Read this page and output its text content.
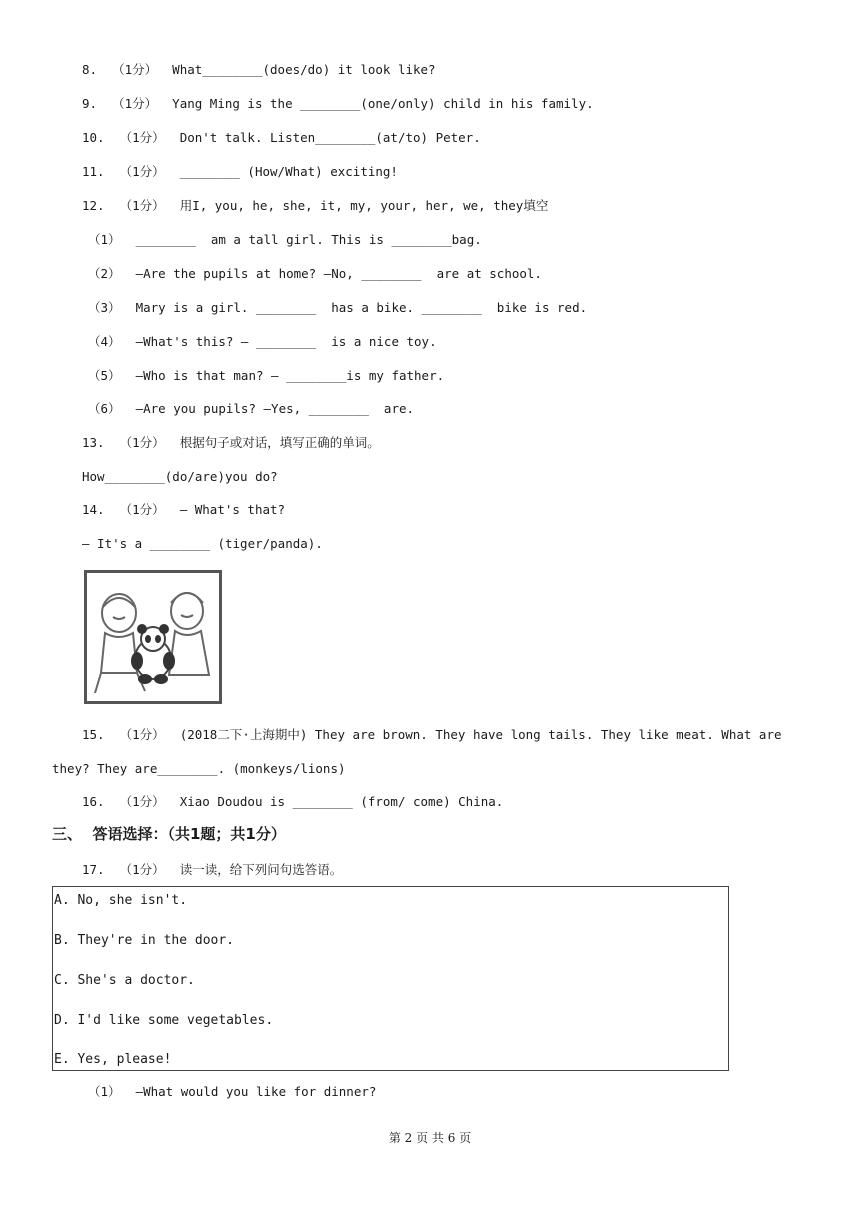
8.  （1分）  What________(does/do) it look like?
9.  （1分）  Yang Ming is the ________(one/only) child in his family.
10.  （1分）  Don't talk. Listen________(at/to) Peter.
11.  （1分）  ________ (How/What) exciting!
12.  （1分）  用I, you, he, she, it, my, your, her, we, they填空
（1）  ________  am a tall girl. This is ________bag.
（2）  —Are the pupils at home? —No, ________  are at school.
（3）  Mary is a girl. ________  has a bike. ________  bike is red.
（4）  —What's this? — ________  is a nice toy.
（5）  —Who is that man? — ________is my father.
（6）  —Are you pupils? —Yes, ________  are.
13.  （1分）  根据句子或对话，填写正确的单词。
How________(do/are)you do?
14.  （1分）  — What's that?
— It's a ________ (tiger/panda).
15.  （1分）  (2018二下·上海期中) They are brown. They have long tails. They like meat. What are
they? They are________. (monkeys/lions)
16.  （1分）  Xiao Doudou is ________ (from/ come) China.
三、  答语选择：（共1题；共1分）
17.  （1分）  读一读，给下列问句选答语。
A. No, she isn't.
B. They're in the door.
C. She's a doctor.
D. I'd like some vegetables.
E. Yes, please!
（1）  —What would you like for dinner?
第 2 页 共 6 页
